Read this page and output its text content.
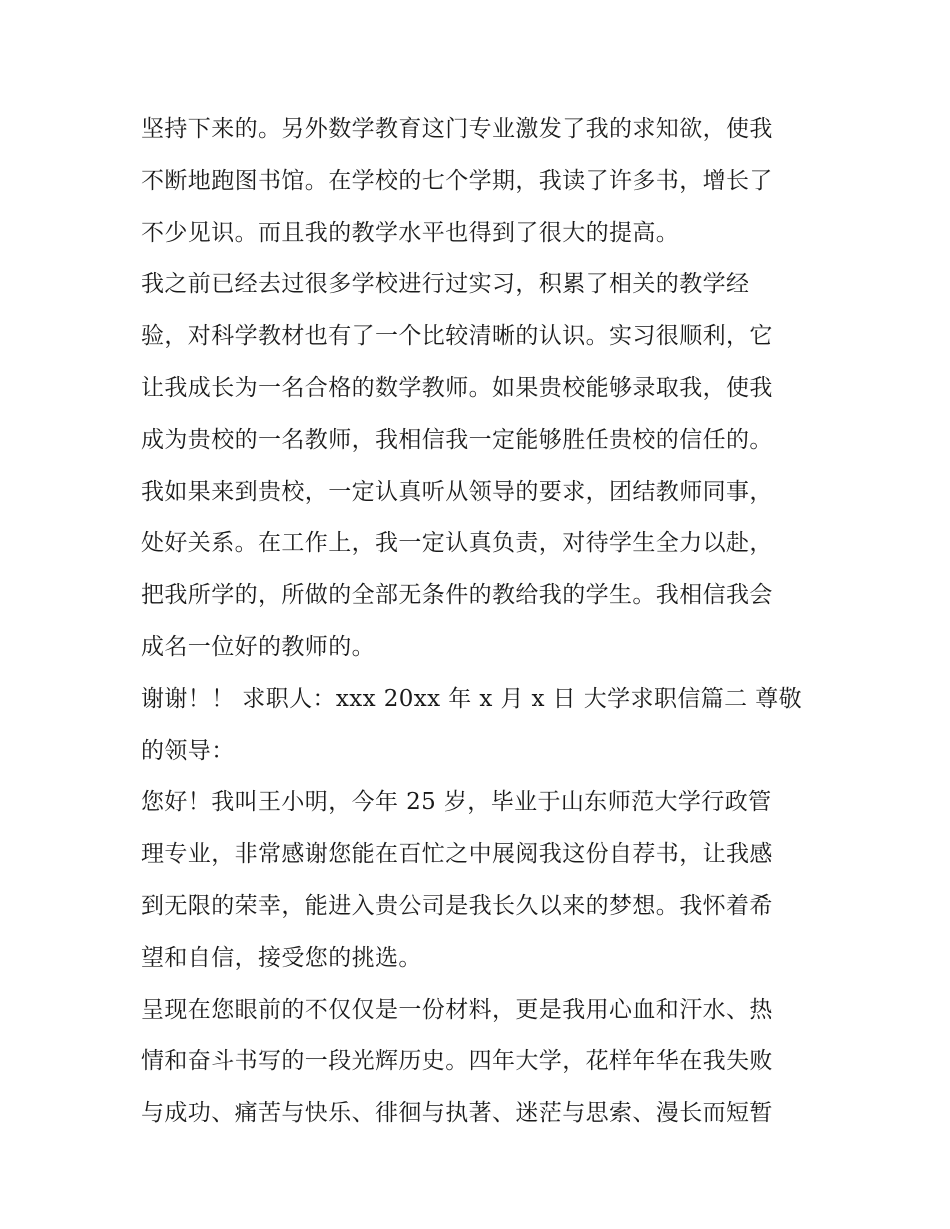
坚持下来的。另外数学教育这门专业激发了我的求知欲，使我
不断地跑图书馆。在学校的七个学期，我读了许多书，增长了
不少见识。而且我的教学水平也得到了很大的提高。
我之前已经去过很多学校进行过实习，积累了相关的教学经
验，对科学教材也有了一个比较清晰的认识。实习很顺利，它
让我成长为一名合格的数学教师。如果贵校能够录取我，使我
成为贵校的一名教师，我相信我一定能够胜任贵校的信任的。
我如果来到贵校，一定认真听从领导的要求，团结教师同事，
处好关系。在工作上，我一定认真负责，对待学生全力以赴，
把我所学的，所做的全部无条件的教给我的学生。我相信我会
成名一位好的教师的。
谢谢！！ 求职人：xxx 20xx 年 x 月 x 日 大学求职信篇二 尊敬
的领导：
您好！我叫王小明，今年 25 岁，毕业于山东师范大学行政管
理专业，非常感谢您能在百忙之中展阅我这份自荐书，让我感
到无限的荣幸，能进入贵公司是我长久以来的梦想。我怀着希
望和自信，接受您的挑选。
呈现在您眼前的不仅仅是一份材料，更是我用心血和汗水、热
情和奋斗书写的一段光辉历史。四年大学，花样年华在我失败
与成功、痛苦与快乐、徘徊与执著、迷茫与思索、漫长而短暂
